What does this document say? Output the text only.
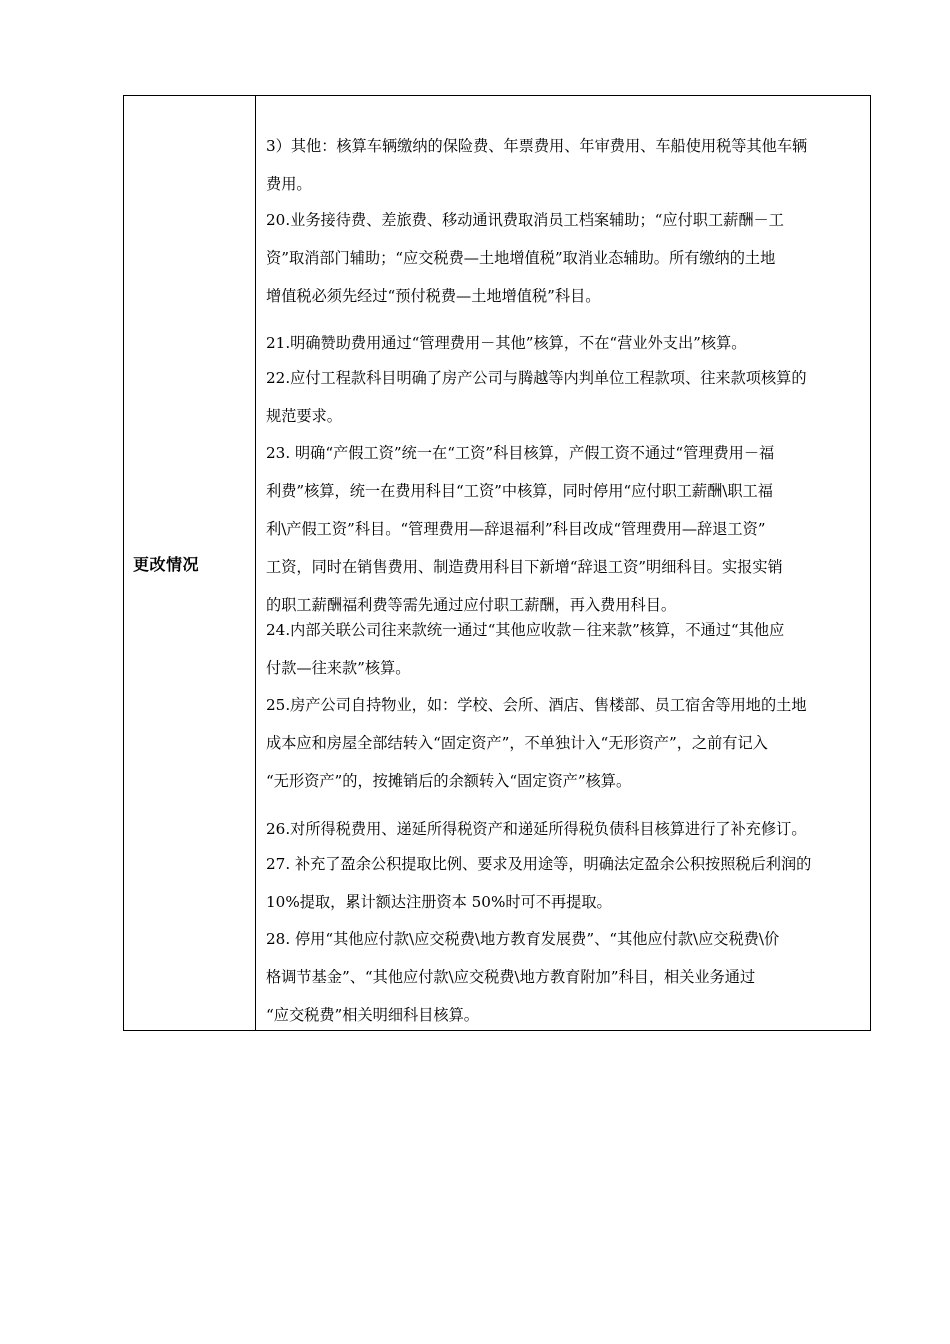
更改情况
3）其他：核算车辆缴纳的保险费、年票费用、年审费用、车船使用税等其他车辆
费用。
20.业务接待费、差旅费、移动通讯费取消员工档案辅助；“应付职工薪酬－工
资”取消部门辅助；“应交税费—土地增值税”取消业态辅助。所有缴纳的土地
增值税必须先经过“预付税费—土地增值税”科目。
21.明确赞助费用通过“管理费用－其他”核算，不在“营业外支出”核算。
22.应付工程款科目明确了房产公司与腾越等内判单位工程款项、往来款项核算的
规范要求。
23. 明确“产假工资”统一在“工资”科目核算，产假工资不通过“管理费用－福
利费”核算，统一在费用科目“工资”中核算，同时停用“应付职工薪酬\职工福
利\产假工资”科目。“管理费用—辞退福利”科目改成“管理费用—辞退工资”
工资，同时在销售费用、制造费用科目下新增“辞退工资”明细科目。实报实销
的职工薪酬福利费等需先通过应付职工薪酬，再入费用科目。
24.内部关联公司往来款统一通过“其他应收款－往来款”核算，不通过“其他应
付款—往来款”核算。
25.房产公司自持物业，如：学校、会所、酒店、售楼部、员工宿舍等用地的土地
成本应和房屋全部结转入“固定资产”，不单独计入“无形资产”，之前有记入
“无形资产”的，按摊销后的余额转入“固定资产”核算。
26.对所得税费用、递延所得税资产和递延所得税负债科目核算进行了补充修订。
27. 补充了盈余公积提取比例、要求及用途等，明确法定盈余公积按照税后利润的
10%提取，累计额达注册资本 50%时可不再提取。
28. 停用“其他应付款\应交税费\地方教育发展费”、“其他应付款\应交税费\价
格调节基金”、“其他应付款\应交税费\地方教育附加”科目，相关业务通过
“应交税费”相关明细科目核算。
